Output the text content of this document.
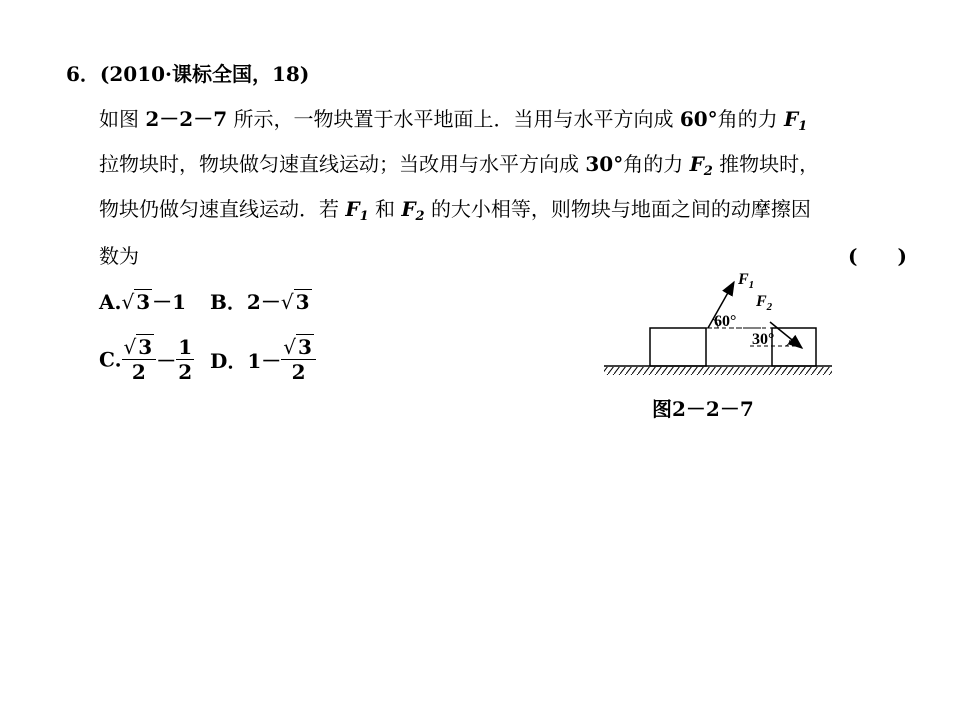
6．(2010·课标全国，18)
如图 2－2－7 所示，一物块置于水平地面上．当用与水平方向成 60°角的力 $F_1$
拉物块时，物块做匀速直线运动；当改用与水平方向成 30°角的力 $F_2$ 推物块时，
物块仍做匀速直线运动．若 $F_1$ 和 $F_2$ 的大小相等，则物块与地面之间的动摩擦因
数为	(　　)
A.√ 3 －1 B．2－√ 3
C. $\frac{√ 3}{2} - \frac{1}{2}$ D．$1- \frac{√ 3}{2}$
$F_1$
$F_2$
60°
30°
图2－2－7
